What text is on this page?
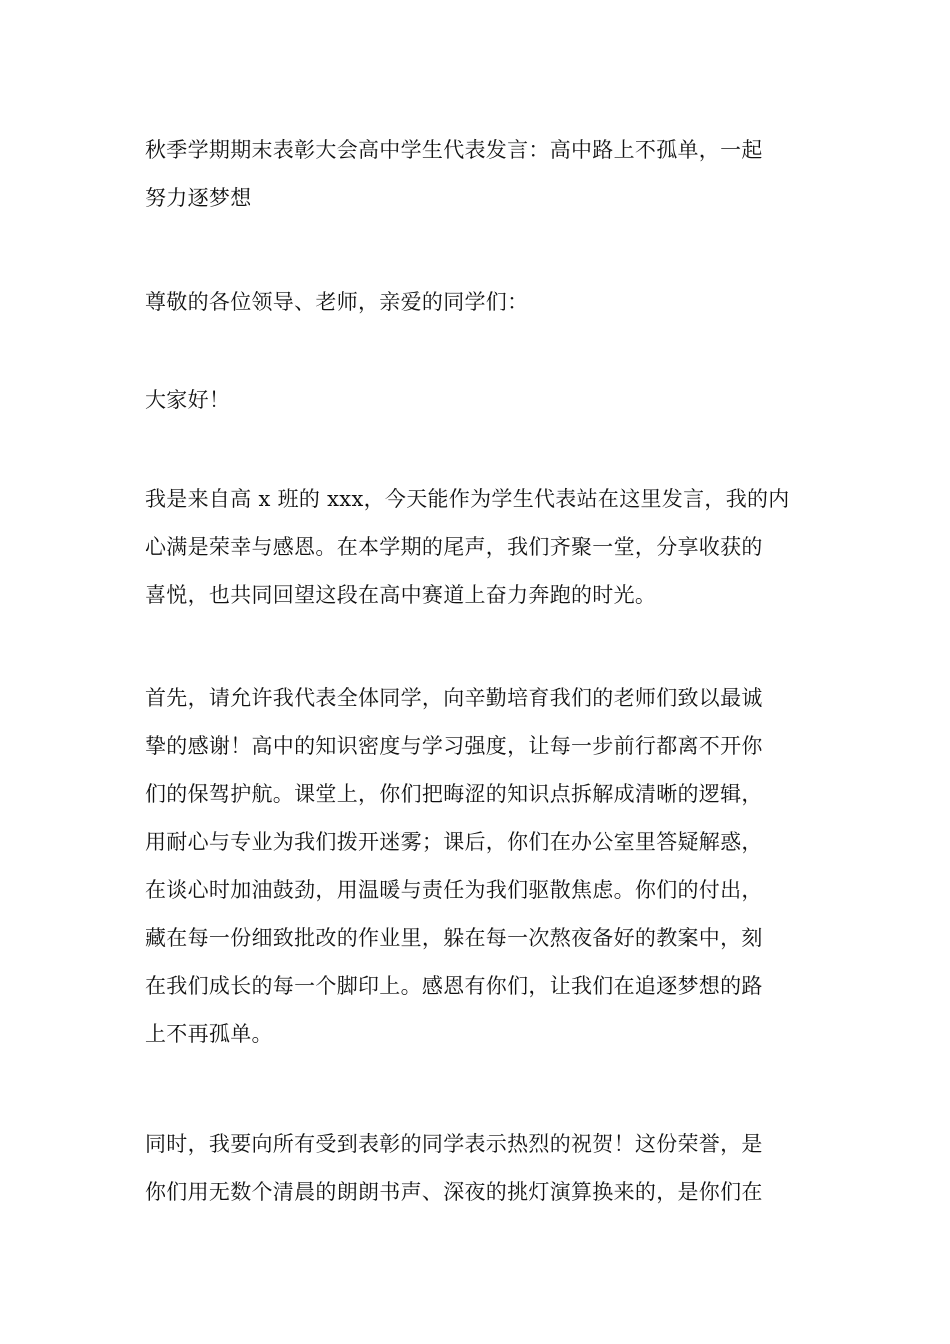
秋季学期期末表彰大会高中学生代表发言：高中路上不孤单，一起
努力逐梦想
尊敬的各位领导、老师，亲爱的同学们：
大家好！
我是来自高 x 班的 xxx，今天能作为学生代表站在这里发言，我的内
心满是荣幸与感恩。在本学期的尾声，我们齐聚一堂，分享收获的
喜悦，也共同回望这段在高中赛道上奋力奔跑的时光。
首先，请允许我代表全体同学，向辛勤培育我们的老师们致以最诚
挚的感谢！高中的知识密度与学习强度，让每一步前行都离不开你
们的保驾护航。课堂上，你们把晦涩的知识点拆解成清晰的逻辑，
用耐心与专业为我们拨开迷雾；课后，你们在办公室里答疑解惑，
在谈心时加油鼓劲，用温暖与责任为我们驱散焦虑。你们的付出，
藏在每一份细致批改的作业里，躲在每一次熬夜备好的教案中，刻
在我们成长的每一个脚印上。感恩有你们，让我们在追逐梦想的路
上不再孤单。
同时，我要向所有受到表彰的同学表示热烈的祝贺！这份荣誉，是
你们用无数个清晨的朗朗书声、深夜的挑灯演算换来的，是你们在
